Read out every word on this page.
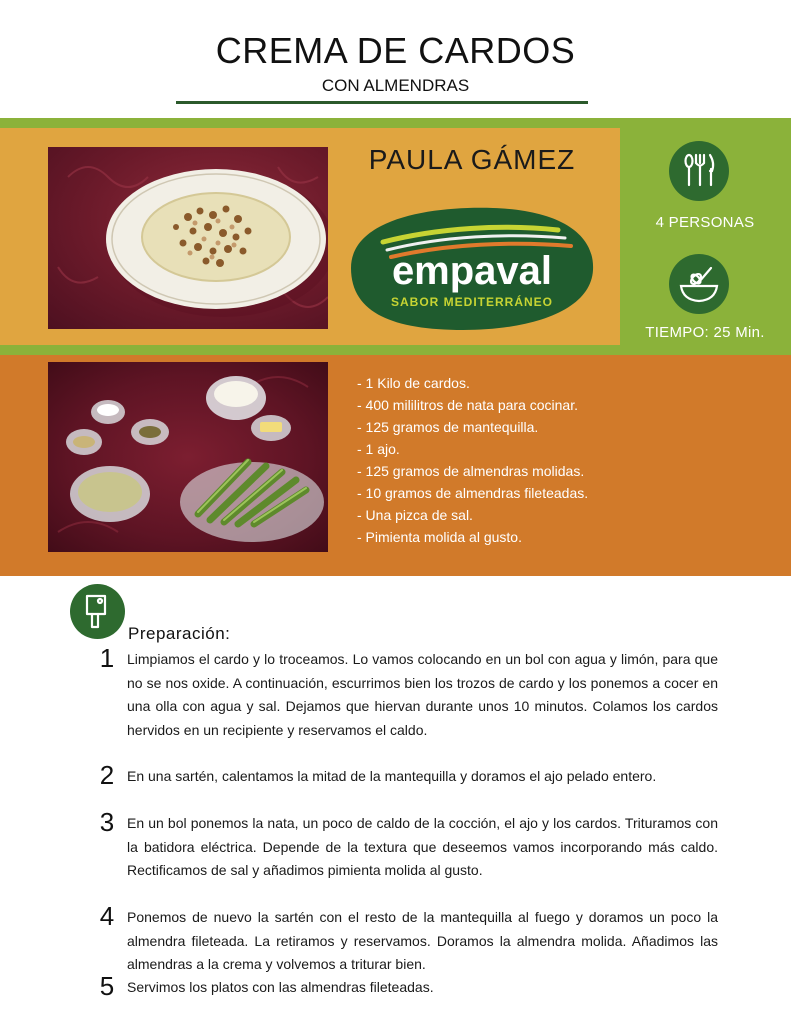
CREMA DE CARDOS
CON ALMENDRAS
PAULA GÁMEZ
empaval
SABOR MEDITERRÁNEO
4 PERSONAS
TIEMPO: 25 Min.
- 1 Kilo de cardos.
- 400 mililitros de nata para cocinar.
- 125 gramos de mantequilla.
- 1 ajo.
- 125 gramos de almendras molidas.
- 10 gramos de almendras fileteadas.
- Una pizca de sal.
- Pimienta molida al gusto.
Preparación:
1 Limpiamos el cardo y lo troceamos. Lo vamos colocando en un bol con agua y limón, para que no se nos oxide. A continuación, escurrimos bien los trozos de cardo y los ponemos a cocer en una olla con agua y sal. Dejamos que hiervan durante unos 10 minutos. Colamos los cardos hervidos en un recipiente y reservamos el caldo.
2 En una sartén, calentamos la mitad de la mantequilla y doramos el ajo pelado entero.
3 En un bol ponemos la nata, un poco de caldo de la cocción, el ajo y los cardos. Trituramos con la batidora eléctrica. Depende de la textura que deseemos vamos incorporando más caldo. Rectificamos de sal y añadimos pimienta molida al gusto.
4 Ponemos de nuevo la sartén con el resto de la mantequilla al fuego y doramos un poco la almendra fileteada. La retiramos y reservamos. Doramos la almendra molida. Añadimos las almendras a la crema y volvemos a triturar bien.
5 Servimos los platos con las almendras fileteadas.
